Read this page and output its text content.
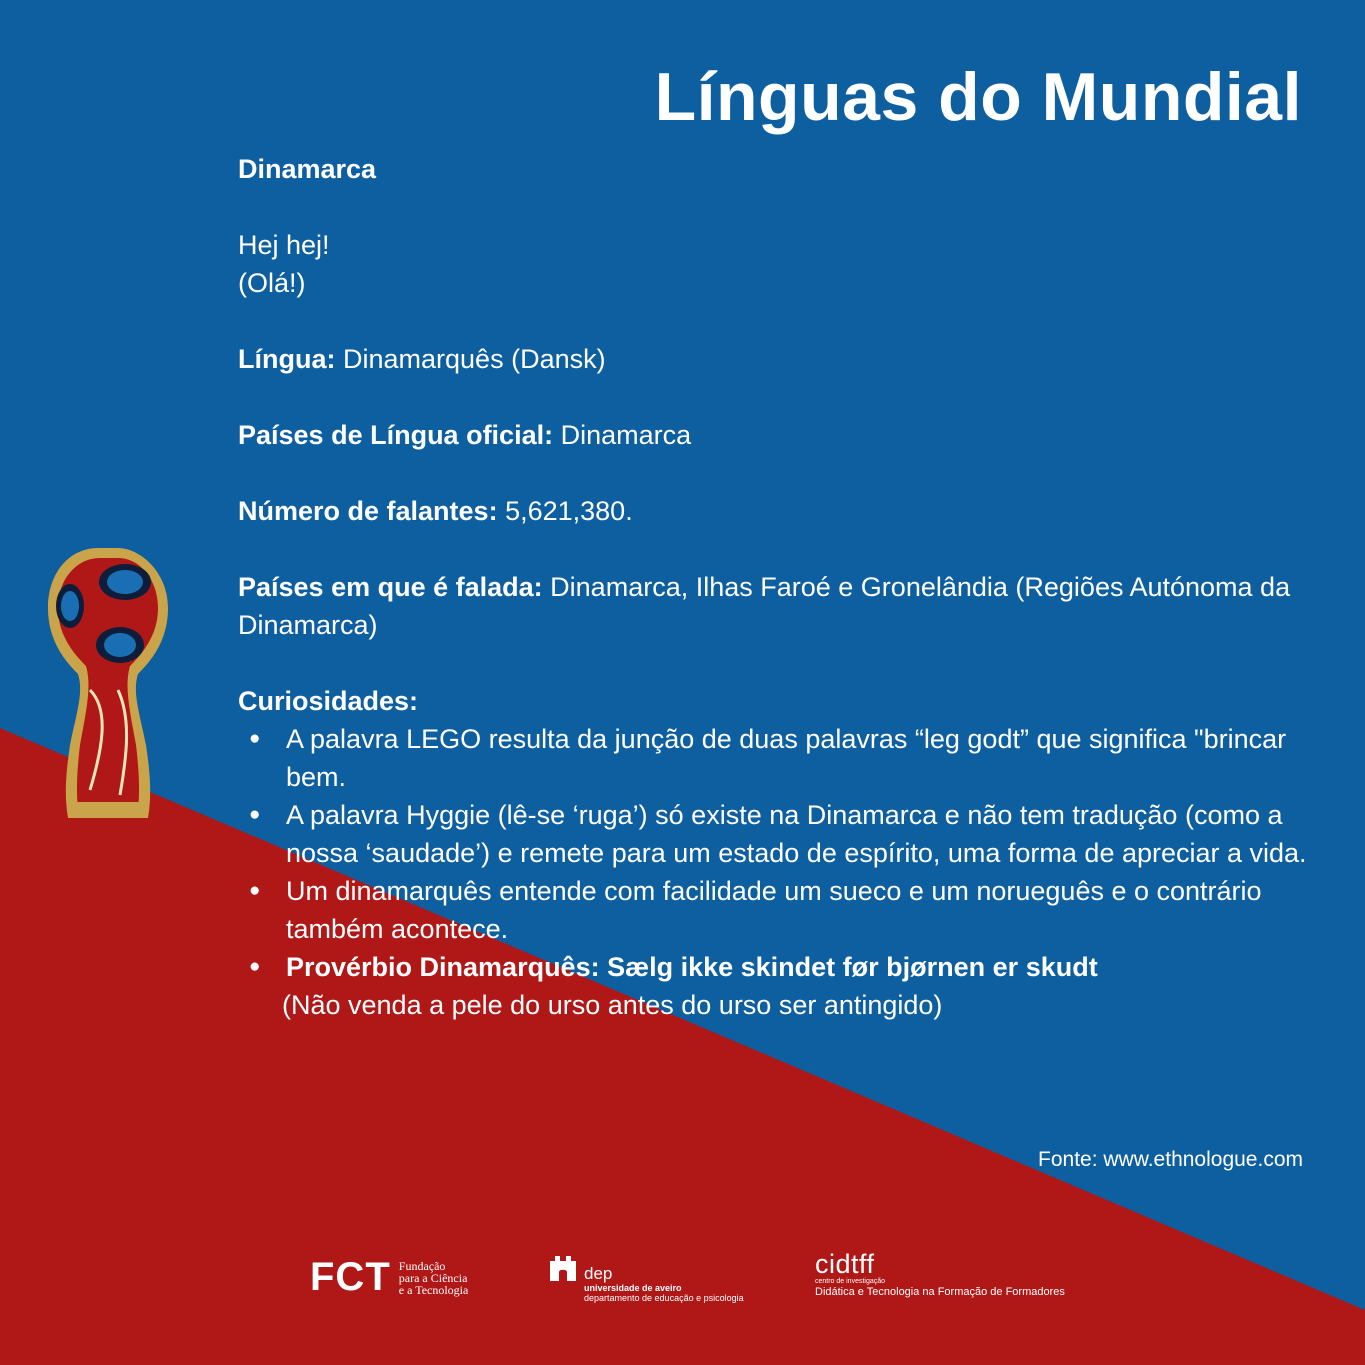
Línguas do Mundial

Dinamarca

Hej hej!

(Olá!)

Língua: Dinamarquês (Dansk)

Países de Língua oficial: Dinamarca

Número de falantes: 5,621,380.

Países em que é falada: Dinamarca, Ilhas Faroé e Gronelândia (Regiões Autónoma da Dinamarca)

Curiosidades:

● A palavra LEGO resulta da junção de duas palavras “leg godt” que significa "brincar bem.
● A palavra Hyggie (lê-se ‘ruga’) só existe na Dinamarca e não tem tradução (como a nossa ‘saudade’) e remete para um estado de espírito, uma forma de apreciar a vida.
● Um dinamarquês entende com facilidade um sueco e um norueguês e o contrário também acontece.
● Provérbio Dinamarquês: Sælg ikke skindet før bjørnen er skudt

(Não venda a pele do urso antes do urso ser antingido)

Fonte: www.ethnologue.com
FCT Fundação
para a Ciência
e a Tecnologia
dep
universidade de aveiro
departamento de educação e psicologia
cidtff
centro de investigação
Didática e Tecnologia na Formação de Formadores
